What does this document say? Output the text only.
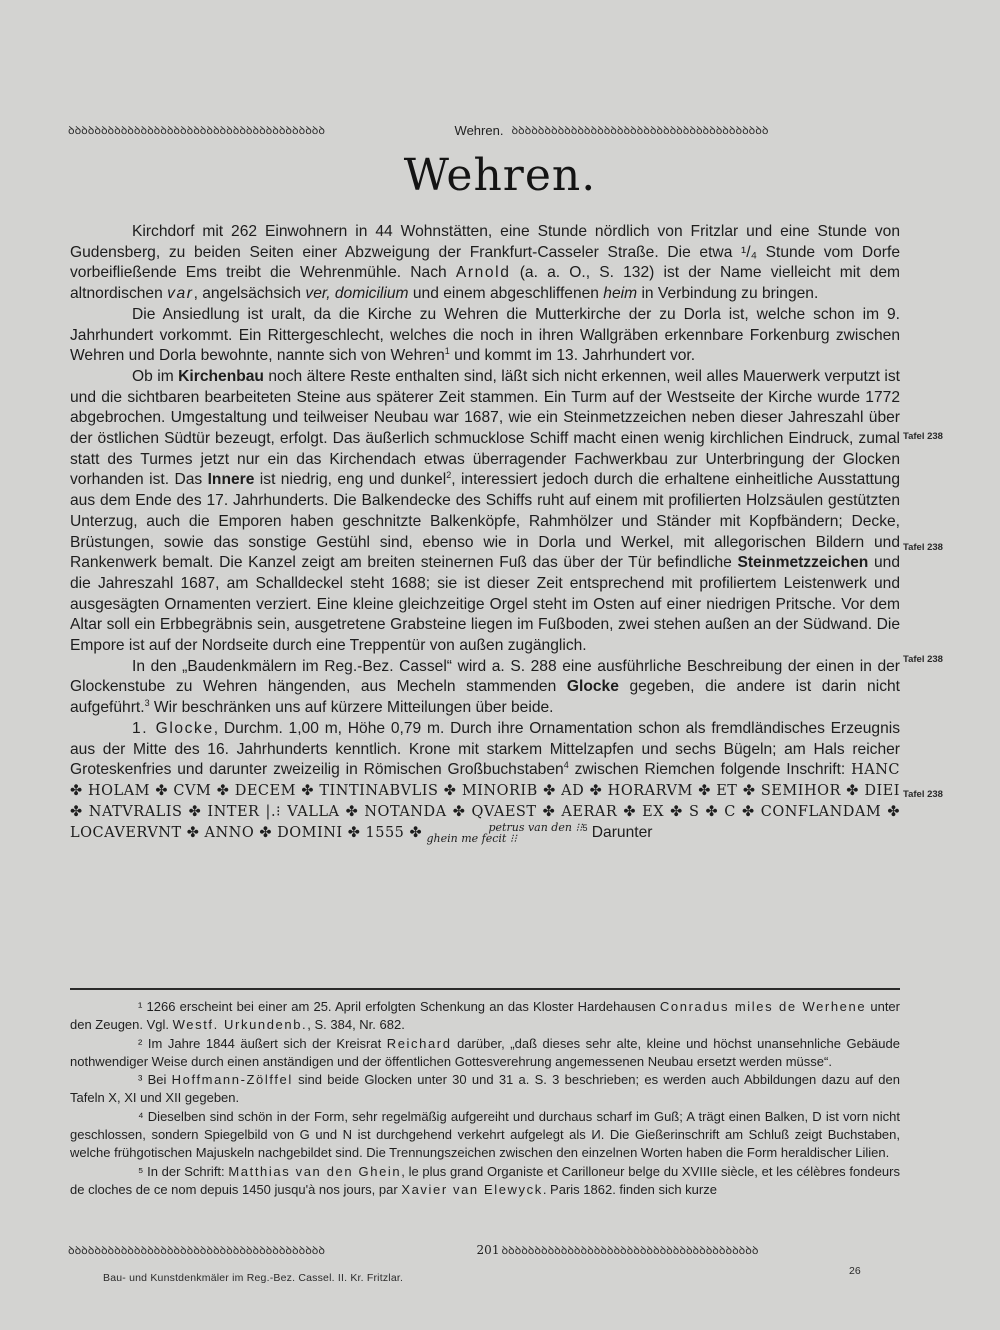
ꝺꝺꝺꝺꝺꝺꝺꝺꝺꝺꝺꝺꝺꝺꝺꝺꝺꝺꝺꝺꝺꝺꝺꝺꝺꝺꝺꝺꝺꝺꝺꝺꝺꝺꝺꝺꝺꝺꝺ	Wehren. ꝺꝺꝺꝺꝺꝺꝺꝺꝺꝺꝺꝺꝺꝺꝺꝺꝺꝺꝺꝺꝺꝺꝺꝺꝺꝺꝺꝺꝺꝺꝺꝺꝺꝺꝺꝺꝺꝺꝺ
Wehren.

Kirchdorf mit 262 Einwohnern in 44 Wohnstätten, eine Stunde nördlich von Fritzlar und eine Stunde von Gudensberg, zu beiden Seiten einer Abzweigung der Frankfurt-Casseler Straße. Die etwa ¹/₄ Stunde vom Dorfe vorbeifließende Ems treibt die Wehrenmühle. Nach Arnold (a. a. O., S. 132) ist der Name vielleicht mit dem altnordischen var, angelsächsich ver, domicilium und einem abgeschliffenen heim in Verbindung zu bringen.

Die Ansiedlung ist uralt, da die Kirche zu Wehren die Mutterkirche der zu Dorla ist, welche schon im 9. Jahrhundert vorkommt. Ein Rittergeschlecht, welches die noch in ihren Wallgräben erkennbare Forkenburg zwischen Wehren und Dorla bewohnte, nannte sich von Wehren$^1$ und kommt im 13. Jahrhundert vor.

Ob im Kirchenbau noch ältere Reste enthalten sind, läßt sich nicht erkennen, weil alles Mauerwerk verputzt ist und die sichtbaren bearbeiteten Steine aus späterer Zeit stammen. Ein Turm auf der Westseite der Kirche wurde 1772 abgebrochen. Umgestaltung und teilweiser Neubau war 1687, wie ein Steinmetzzeichen neben dieser Jahreszahl über der östlichen Südtür bezeugt, erfolgt. Das äußerlich schmucklose Schiff macht einen wenig kirchlichen Eindruck, zumal statt des Turmes jetzt nur ein das Kirchendach etwas überragender Fachwerkbau zur Unterbringung der Glocken vorhanden ist. Das Innere ist niedrig, eng und dunkel$^2$, interessiert jedoch durch die erhaltene einheitliche Ausstattung aus dem Ende des 17. Jahrhunderts. Die Balkendecke des Schiffs ruht auf einem mit profilierten Holzsäulen gestützten Unterzug, auch die Emporen haben geschnitzte Balkenköpfe, Rahmhölzer und Ständer mit Kopfbändern; Decke, Brüstungen, sowie das sonstige Gestühl sind, ebenso wie in Dorla und Werkel, mit allegorischen Bildern und Rankenwerk bemalt. Die Kanzel zeigt am breiten steinernen Fuß das über der Tür befindliche Steinmetzzeichen und die Jahreszahl 1687, am Schalldeckel steht 1688; sie ist dieser Zeit entsprechend mit profiliertem Leistenwerk und ausgesägten Ornamenten verziert. Eine kleine gleichzeitige Orgel steht im Osten auf einer niedrigen Pritsche. Vor dem Altar soll ein Erbbegräbnis sein, ausgetretene Grabsteine liegen im Fußboden, zwei stehen außen an der Südwand. Die Empore ist auf der Nordseite durch eine Treppentür von außen zugänglich.

In den „Baudenkmälern im Reg.-Bez. Cassel“ wird a. S. 288 eine ausführliche Beschreibung der einen in der Glockenstube zu Wehren hängenden, aus Mecheln stammenden Glocke gegeben, die andere ist darin nicht aufgeführt.$^3$ Wir beschränken uns auf kürzere Mitteilungen über beide.

1. Glocke, Durchm. 1,00 m, Höhe 0,79 m. Durch ihre Ornamentation schon als fremdländisches Erzeugnis aus der Mitte des 16. Jahrhunderts kenntlich. Krone mit starkem Mittelzapfen und sechs Bügeln; am Hals reicher Groteskenfries und darunter zweizeilig in Römischen Großbuchstaben$^4$ zwischen Riemchen folgende Inschrift: HANC ✤ HOLAM ✤ CVM ✤ DECEM ✤ TINTINABVLIS ✤ MINORIB ✤ AD ✤ HORARVM ✤ ET ✤ SEMIHOR ✤ DIEI ✤ NATVRALIS ✤ INTER |.⁝ VALLA ✤ NOTANDA ✤ QVAEST ✤ AERAR ✤ EX ✤ S ✤ C ✤ CONFLANDAM ✤ LOCAVERVNT ✤ ANNO ✤ DOMINI ✤ 1555 ✤	petrus van den ⁝⁝
ghein me fecit ⁝⁝$^5$ Darunter

Tafel 238
Tafel 238
Tafel 238
Tafel 238

¹ 1266 erscheint bei einer am 25. April erfolgten Schenkung an das Kloster Hardehausen Conradus miles de Werhene unter den Zeugen. Vgl. Westf. Urkundenb., S. 384, Nr. 682.

² Im Jahre 1844 äußert sich der Kreisrat Reichard darüber, „daß dieses sehr alte, kleine und höchst unansehnliche Gebäude nothwendiger Weise durch einen anständigen und der öffentlichen Gottesverehrung angemessenen Neubau ersetzt werden müsse“.

³ Bei Hoffmann-Zölffel sind beide Glocken unter 30 und 31 a. S. 3 beschrieben; es werden auch Abbildungen dazu auf den Tafeln X, XI und XII gegeben.

⁴ Dieselben sind schön in der Form, sehr regelmäßig aufgereiht und durchaus scharf im Guß; A trägt einen Balken, D ist vorn nicht geschlossen, sondern Spiegelbild von G und N ist durchgehend verkehrt aufgelegt als И. Die Gießerinschrift am Schluß zeigt Buchstaben, welche frühgotischen Majuskeln nachgebildet sind. Die Trennungszeichen zwischen den einzelnen Worten haben die Form heraldischer Lilien.

⁵ In der Schrift: Matthias van den Ghein, le plus grand Organiste et Carilloneur belge du XVIIIe siècle, et les célèbres fondeurs de cloches de ce nom depuis 1450 jusqu'à nos jours, par Xavier van Elewyck. Paris 1862. finden sich kurze

ꝺꝺꝺꝺꝺꝺꝺꝺꝺꝺꝺꝺꝺꝺꝺꝺꝺꝺꝺꝺꝺꝺꝺꝺꝺꝺꝺꝺꝺꝺꝺꝺꝺꝺꝺꝺꝺꝺꝺ	201 ꝺꝺꝺꝺꝺꝺꝺꝺꝺꝺꝺꝺꝺꝺꝺꝺꝺꝺꝺꝺꝺꝺꝺꝺꝺꝺꝺꝺꝺꝺꝺꝺꝺꝺꝺꝺꝺꝺꝺ
Bau- und Kunstdenkmäler im Reg.-Bez. Cassel. II. Kr. Fritzlar.
26
